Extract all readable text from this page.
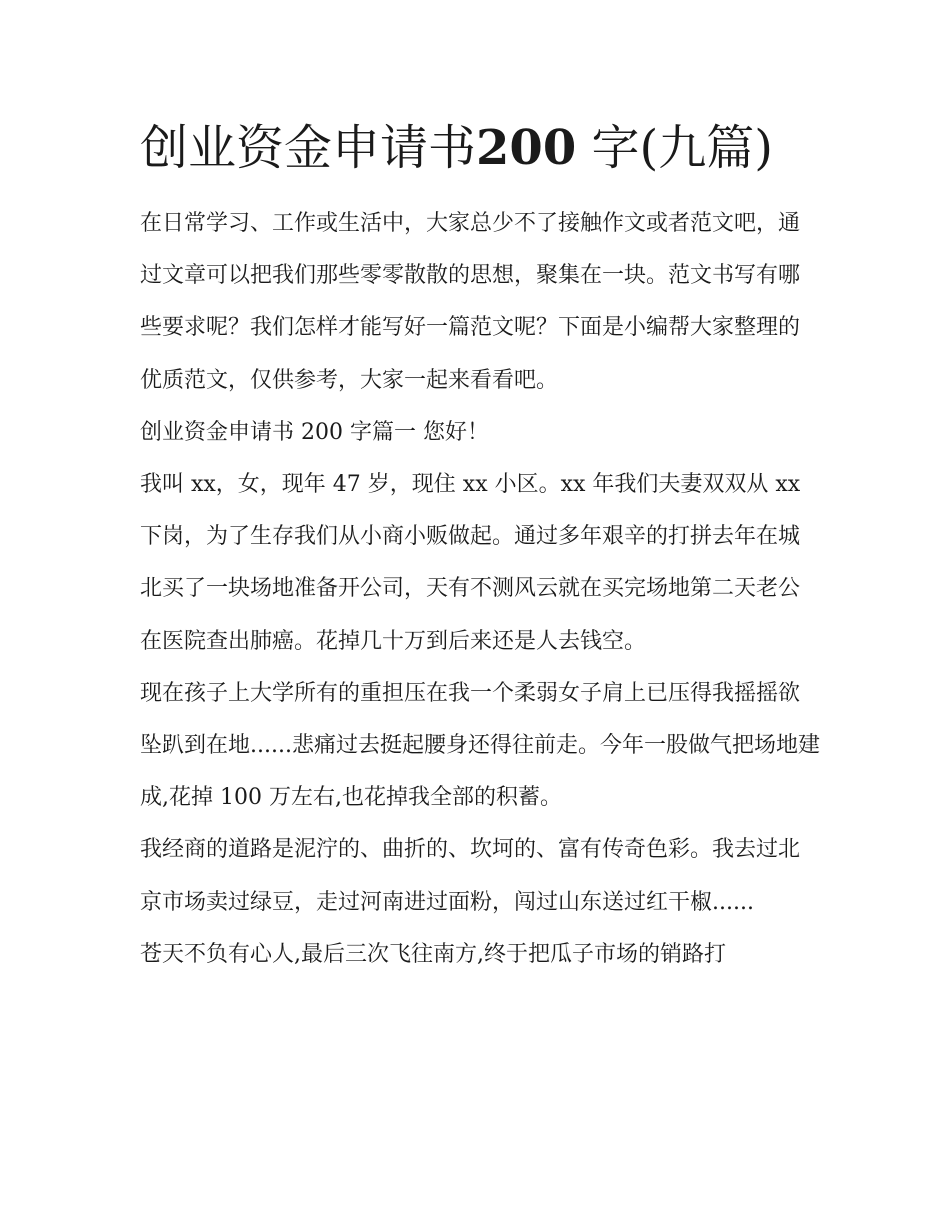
创业资金申请书200 字(九篇)

在日常学习、工作或生活中，大家总少不了接触作文或者范文吧，通过文章可以把我们那些零零散散的思想，聚集在一块。范文书写有哪些要求呢？我们怎样才能写好一篇范文呢？下面是小编帮大家整理的优质范文，仅供参考，大家一起来看看吧。

创业资金申请书 200 字篇一 您好！

我叫 xx，女，现年 47 岁，现住 xx 小区。xx 年我们夫妻双双从 xx 下岗，为了生存我们从小商小贩做起。通过多年艰辛的打拼去年在城北买了一块场地准备开公司，天有不测风云就在买完场地第二天老公在医院查出肺癌。花掉几十万到后来还是人去钱空。

现在孩子上大学所有的重担压在我一个柔弱女子肩上已压得我摇摇欲坠趴到在地......悲痛过去挺起腰身还得往前走。今年一股做气把场地建成,花掉 100 万左右,也花掉我全部的积蓄。

我经商的道路是泥泞的、曲折的、坎坷的、富有传奇色彩。我去过北京市场卖过绿豆，走过河南进过面粉，闯过山东送过红干椒......

苍天不负有心人,最后三次飞往南方,终于把瓜子市场的销路打
